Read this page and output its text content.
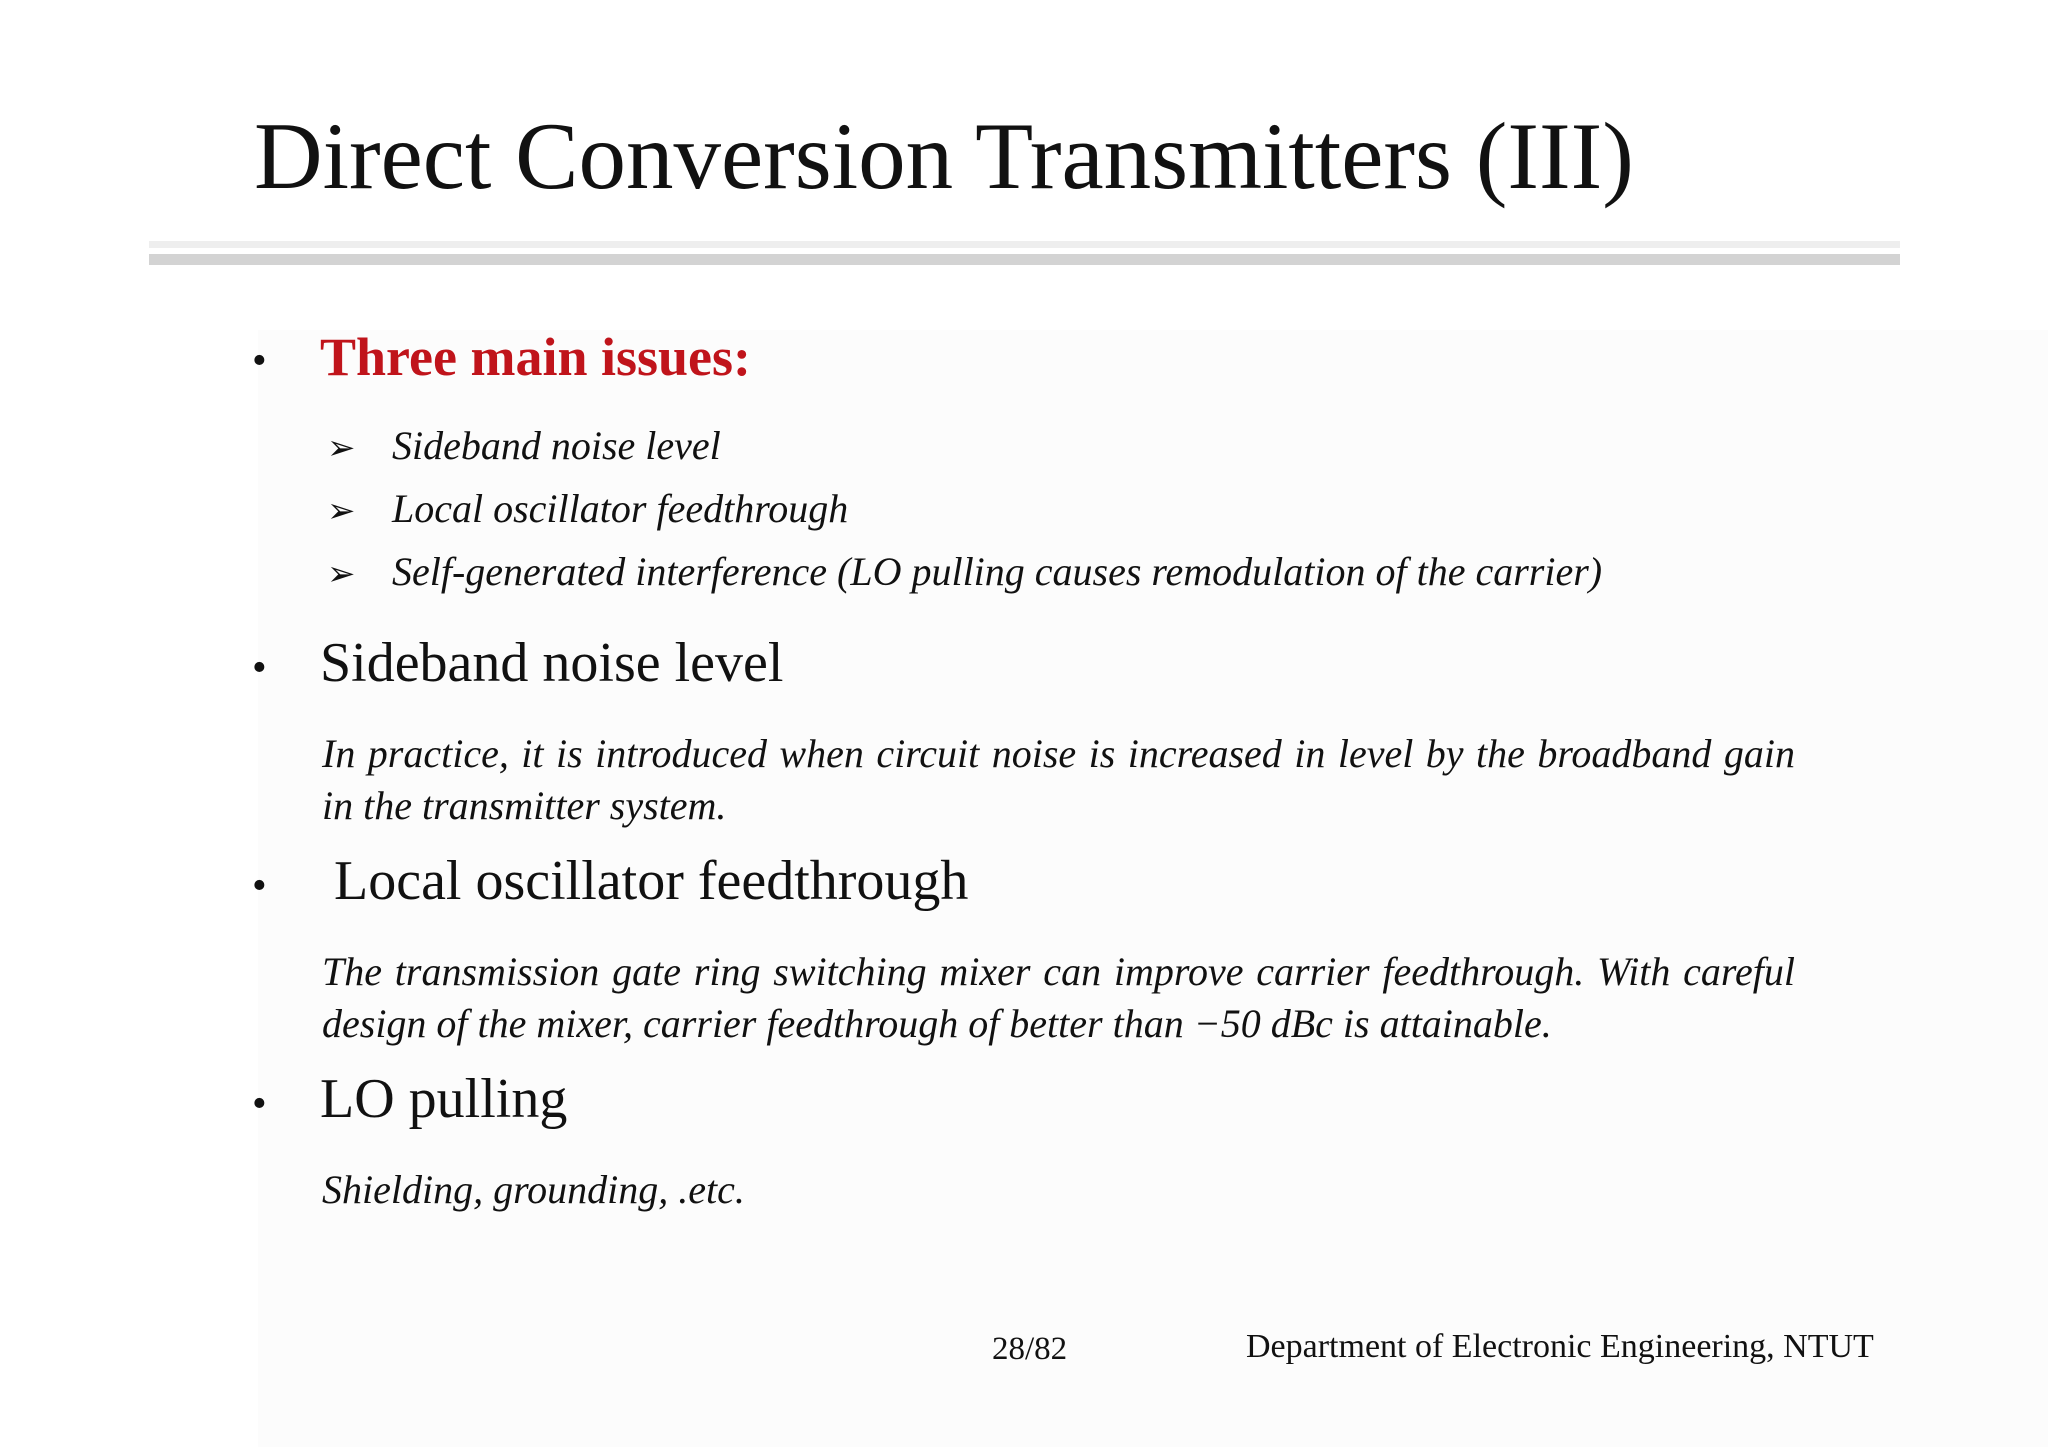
Direct Conversion Transmitters (III)
• Three main issues:
➢ Sideband noise level
➢ Local oscillator feedthrough
➢ Self-generated interference (LO pulling causes remodulation of the carrier)
• Sideband noise level
In practice, it is introduced when circuit noise is increased in level by the broadband gain in the transmitter system.
• Local oscillator feedthrough
The transmission gate ring switching mixer can improve carrier feedthrough. With careful design of the mixer, carrier feedthrough of better than −50 dBc is attainable.
• LO pulling
Shielding, grounding, .etc.
28/82	Department of Electronic Engineering, NTUT
